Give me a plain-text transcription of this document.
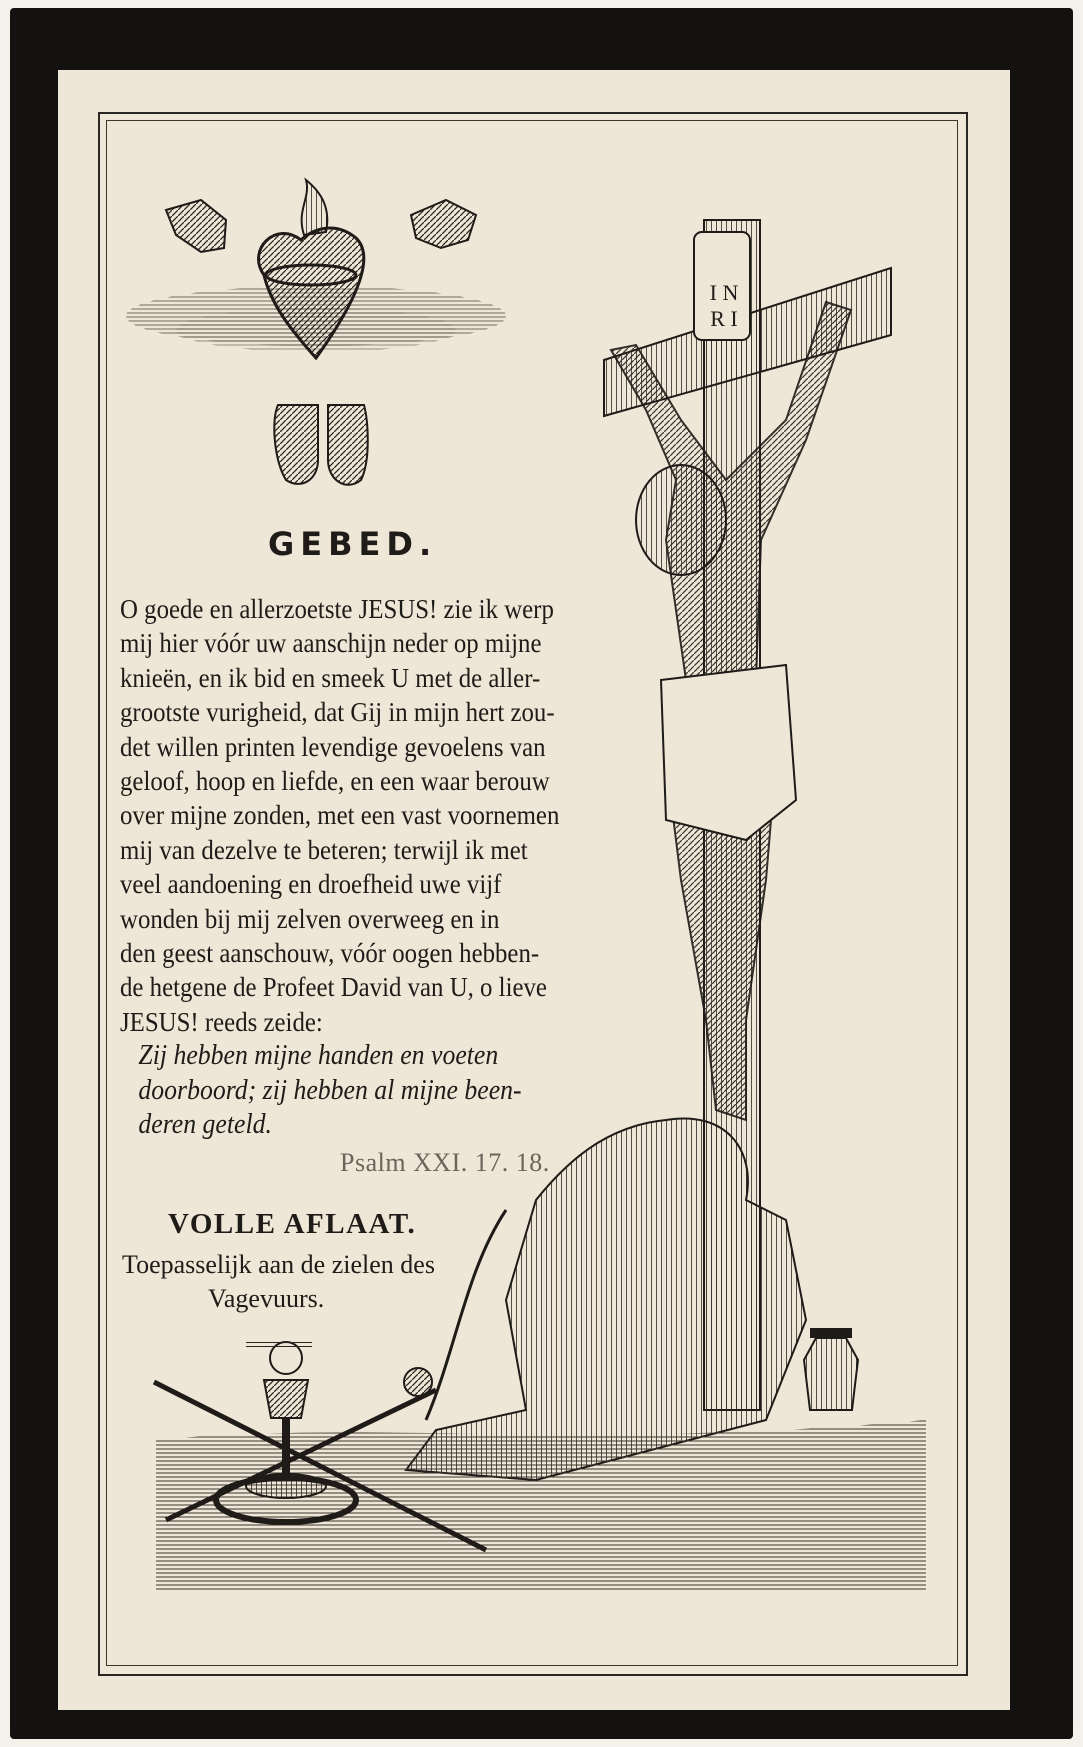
GEBED.
O goede en allerzoetste JESUS! zie ik werp
mij hier vóór uw aanschijn neder op mijne
knieën, en ik bid en smeek U met de aller-
grootste vurigheid, dat Gij in mijn hert zou-
det willen printen levendige gevoelens van
geloof, hoop en liefde, en een waar berouw
over mijne zonden, met een vast voornemen
mij van dezelve te beteren; terwijl ik met
veel aandoening en droefheid uwe vijf
wonden bij mij zelven overweeg en in
den geest aanschouw, vóór oogen hebben-
de hetgene de Profeet David van U, o lieve
JESUS! reeds zeide:
Zij hebben mijne handen en voeten
doorboord; zij hebben al mijne been-
deren geteld.
Psalm XXI. 17. 18.
VOLLE AFLAAT.
Toepasselijk aan de zielen des
Vagevuurs.
I N R I
